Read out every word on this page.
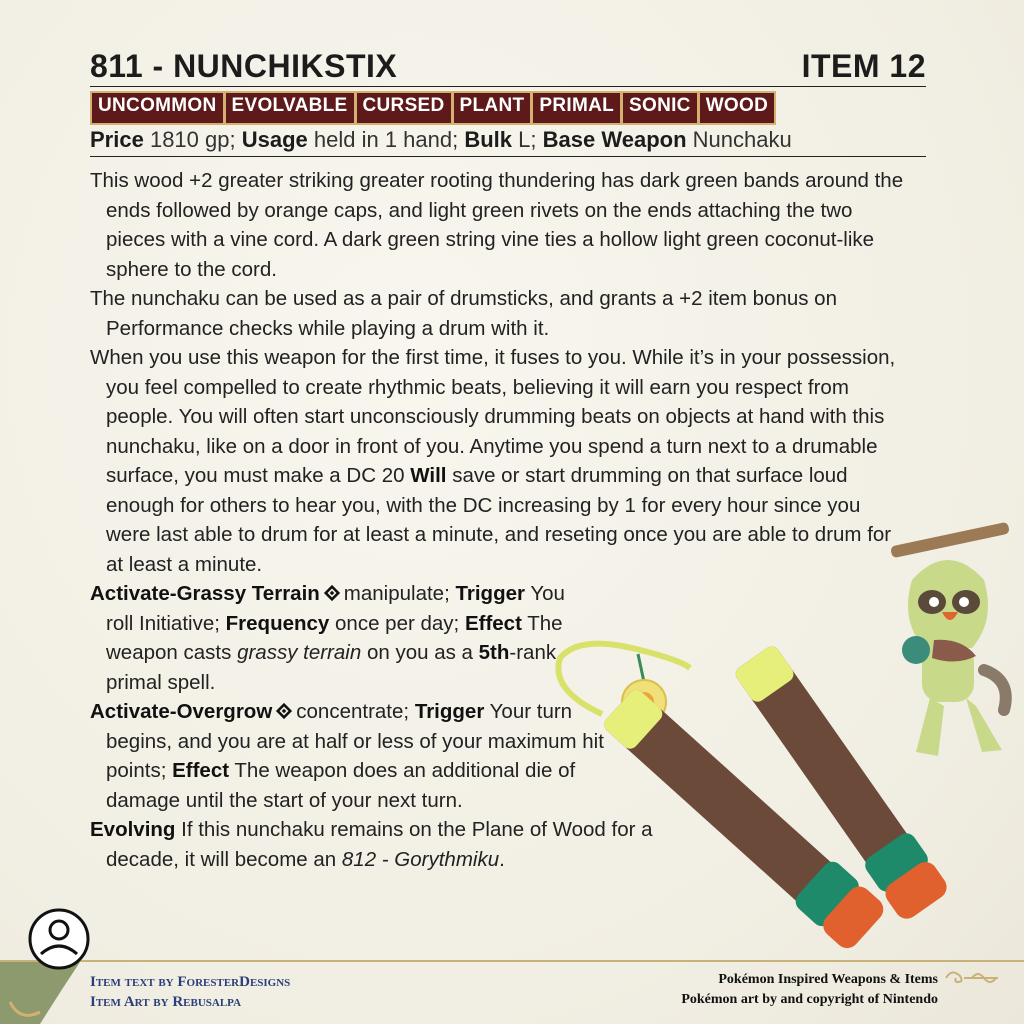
811 - NUNCHIKSTIX	ITEM 12
UNCOMMON EVOLVABLE CURSED PLANT PRIMAL SONIC WOOD
Price 1810 gp; Usage held in 1 hand; Bulk L; Base Weapon Nunchaku

This wood +2 greater striking greater rooting thundering has dark green bands around the ends followed by orange caps, and light green rivets on the ends attaching the two pieces with a vine cord. A dark green string vine ties a hollow light green coconut-like sphere to the cord.

The nunchaku can be used as a pair of drumsticks, and grants a +2 item bonus on Performance checks while playing a drum with it.

When you use this weapon for the first time, it fuses to you. While it’s in your possession, you feel compelled to create rhythmic beats, believing it will earn you respect from people. You will often start unconsciously drumming beats on objects at hand with this nunchaku, like on a door in front of you. Anytime you spend a turn next to a drumable surface, you must make a DC 20 Will save or start drumming on that surface loud enough for others to hear you, with the DC increasing by 1 for every hour since you were last able to drum for at least a minute, and reseting once you are able to drum for at least a minute.

Activate-Grassy Terrain manipulate; Trigger You roll Initiative; Frequency once per day; Effect The weapon casts grassy terrain on you as a 5th-rank primal spell.

Activate-Overgrow concentrate; Trigger Your turn begins, and you are at half or less of your maximum hit points; Effect The weapon does an additional die of damage until the start of your next turn.

Evolving If this nunchaku remains on the Plane of Wood for a decade, it will become an 812 - Gorythmiku.

Item text by ForesterDesigns
Item Art by Rebusalpa
Pokémon Inspired Weapons & Items
Pokémon art by and copyright of Nintendo
